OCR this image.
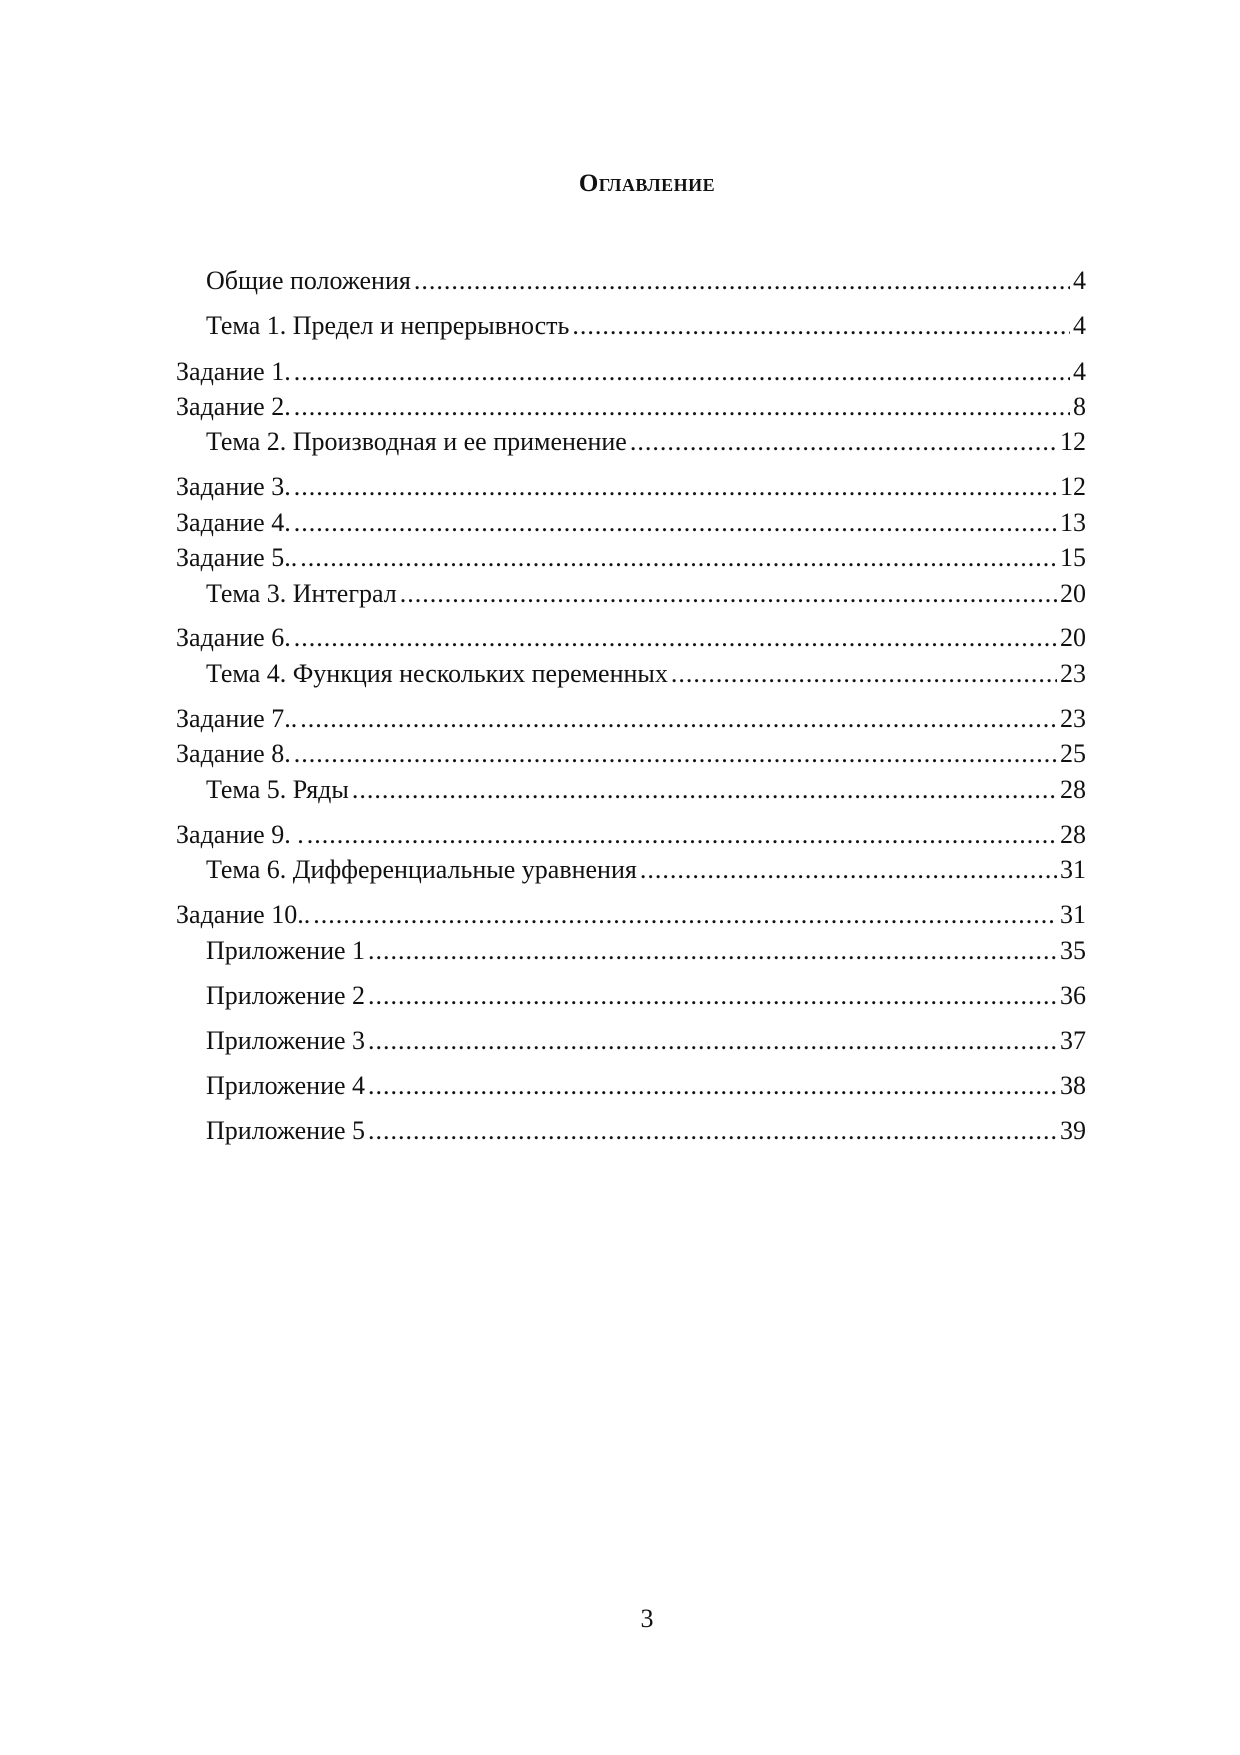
Оглавление
Общие положения .....	4
Тема 1. Предел и непрерывность .....	4
Задание 1. .....	4
Задание 2. .....	8
Тема 2. Производная и ее применение .....	12
Задание 3. .....	12
Задание 4. .....	13
Задание 5.. .....	15
Тема 3. Интеграл .....	20
Задание 6. .....	20
Тема 4. Функция нескольких переменных .....	23
Задание 7.. .....	23
Задание 8. .....	25
Тема 5. Ряды .....	28
Задание 9. . .....	28
Тема 6. Дифференциальные уравнения .....	31
Задание 10.. .....	31
Приложение 1 .....	35
Приложение 2 .....	36
Приложение 3 .....	37
Приложение 4 .....	38
Приложение 5 .....	39
3
